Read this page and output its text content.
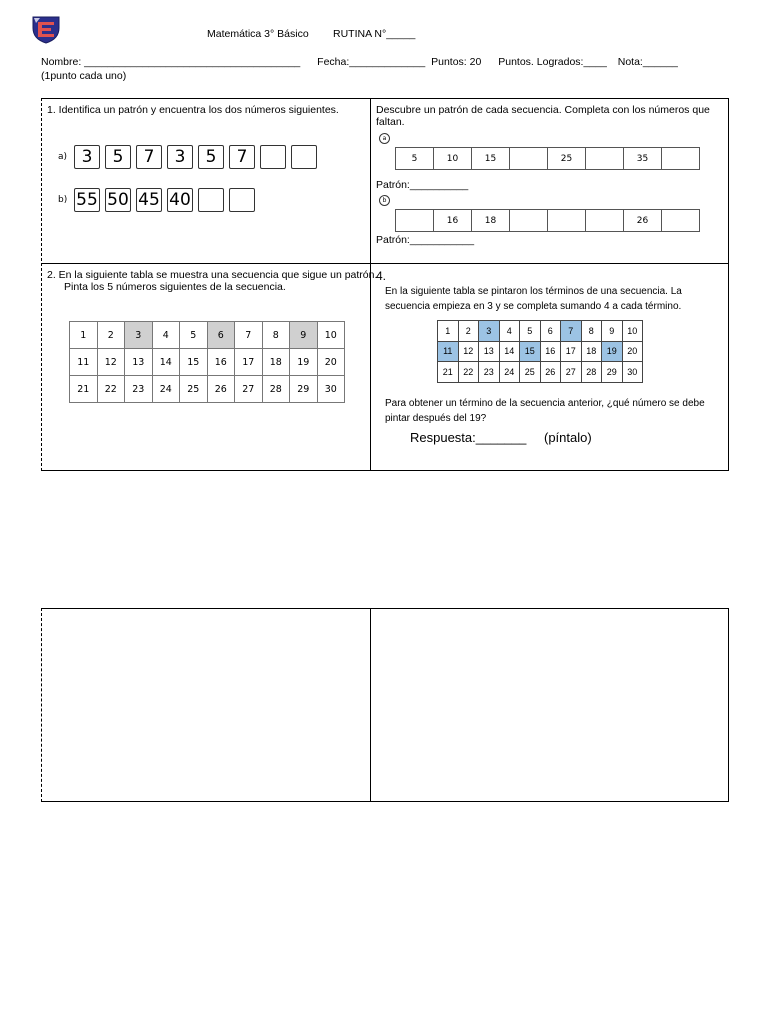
Matemática 3° Básico RUTINA N°_____
Nombre: _____________________________________ Fecha:_____________ Puntos: 20 Puntos. Logrados:____ Nota:______
(1punto cada uno)
1. Identifica un patrón y encuentra los dos números siguientes.
a) 3	5	7	3	5	7
b) 55 50 45 40
Descubre un patrón de cada secuencia. Completa con los números que faltan.
a
5	10	15		25		35	
Patrón:__________
b
	16	18				26	
Patrón:___________
2. En la siguiente tabla se muestra una secuencia que sigue un patrón. Pinta los 5 números siguientes de la secuencia.
1	2	3	4	5	6	7	8	9	10
11	12	13	14	15	16	17	18	19	20
21	22	23	24	25	26	27	28	29	30
4.
En la siguiente tabla se pintaron los términos de una secuencia. La secuencia empieza en 3 y se completa sumando 4 a cada término.
1	2	3	4	5	6	7	8	9	10
11	12	13	14	15	16	17	18	19	20
21	22	23	24	25	26	27	28	29	30
Para obtener un término de la secuencia anterior, ¿qué número se debe pintar después del 19?
Respuesta:_______ (píntalo)
